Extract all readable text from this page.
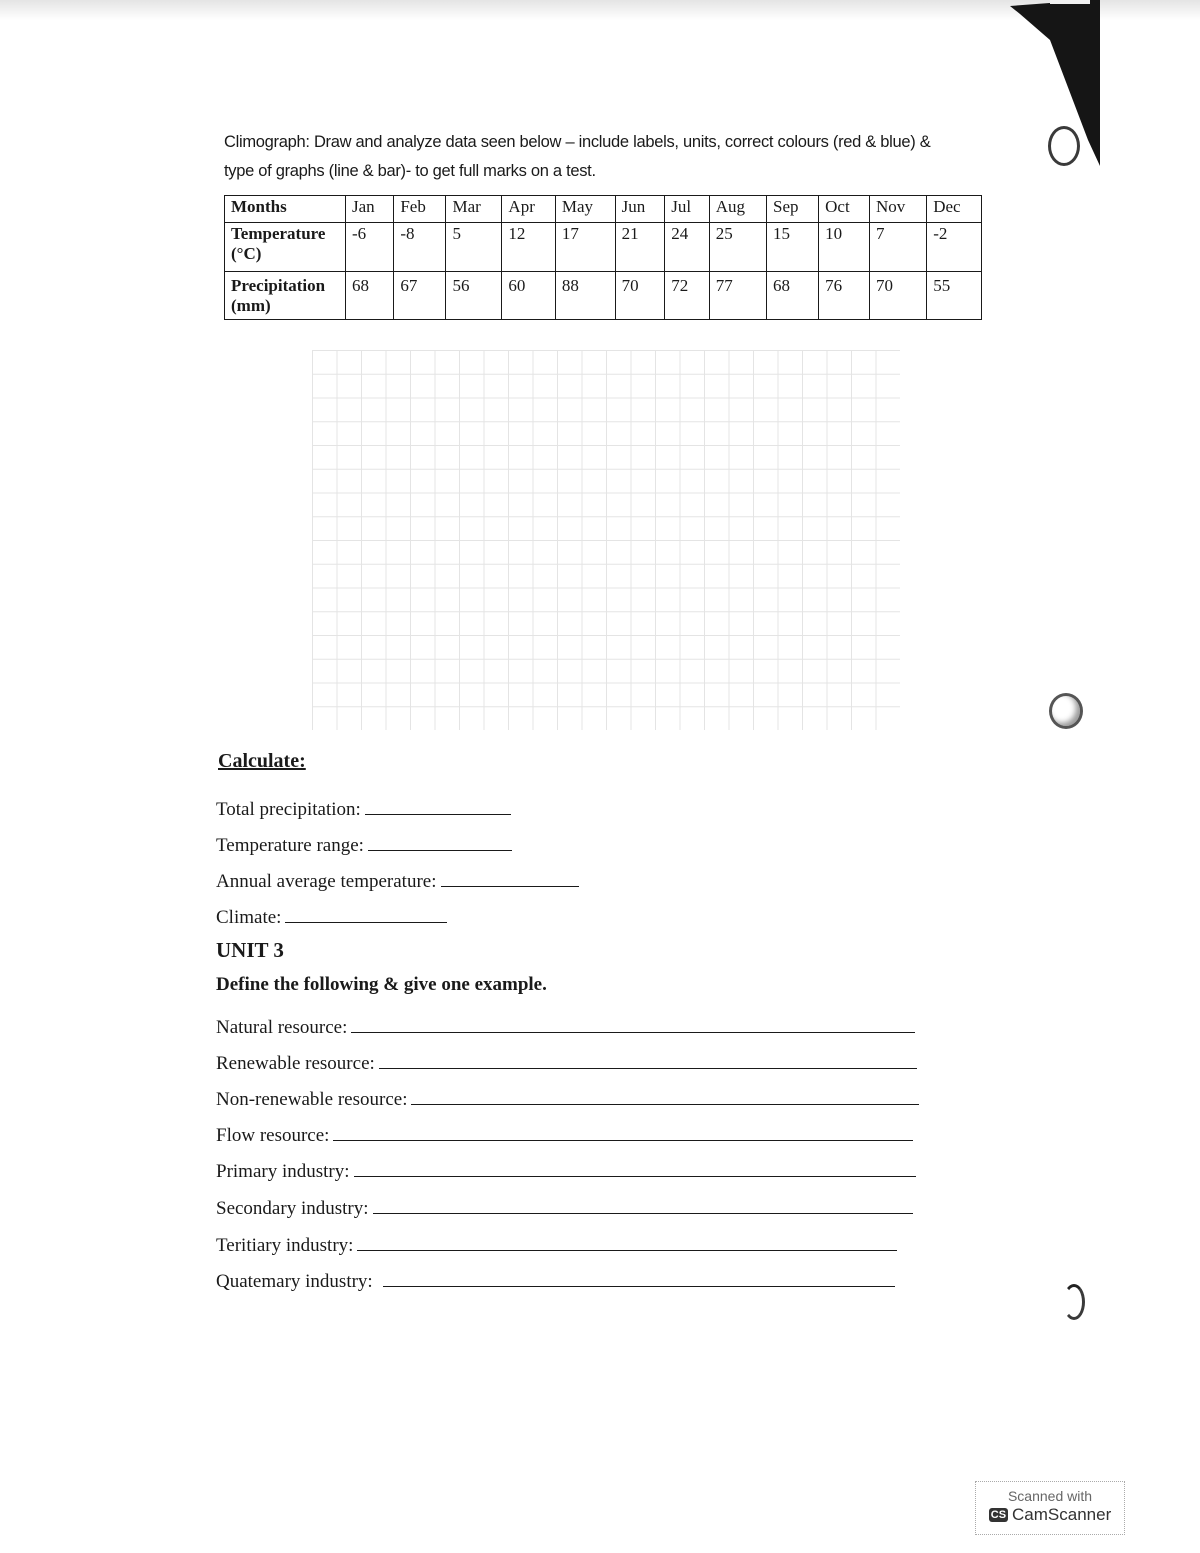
Climograph: Draw and analyze data seen below – include labels, units, correct colours (red & blue) &
type of graphs (line & bar)- to get full marks on a test.
Months	Jan	Feb	Mar	Apr	May	Jun	Jul	Aug	Sep	Oct	Nov	Dec
Temperature (°C)	-6	-8	5	12	17	21	24	25	15	10	7	-2
Precipitation (mm)	68	67	56	60	88	70	72	77	68	76	70	55
Calculate:
Total precipitation:
Temperature range:
Annual average temperature:
Climate:
UNIT 3
Define the following & give one example.
Natural resource:
Renewable resource:
Non-renewable resource:
Flow resource:
Primary industry:
Secondary industry:
Teritiary industry:
Quatemary industry:
Scanned with
CS CamScanner
